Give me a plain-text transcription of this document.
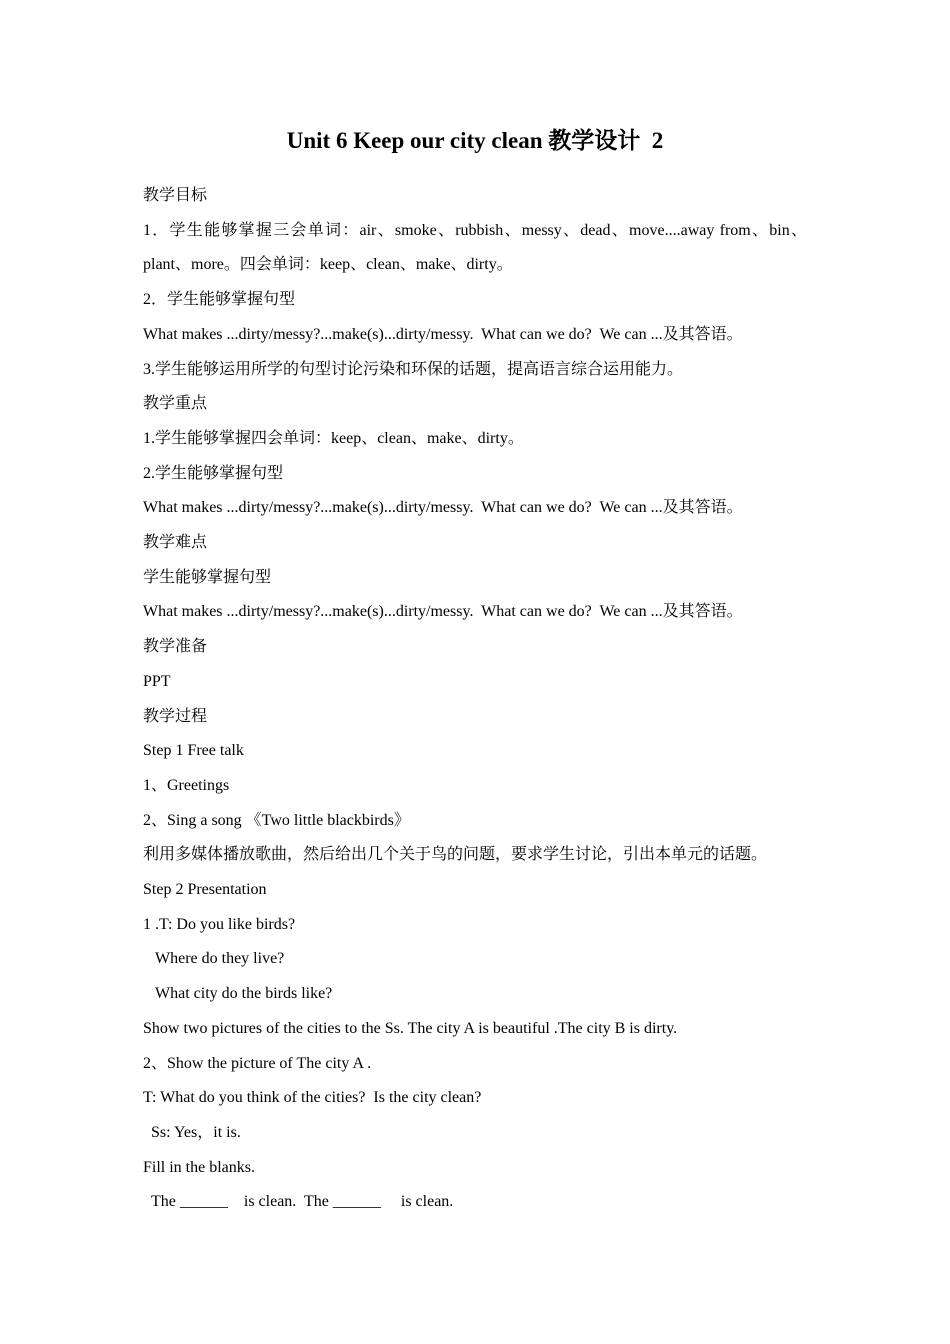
Unit 6 Keep our city clean 教学设计  2

教学目标

1．学生能够掌握三会单词：air、smoke、rubbish、messy、dead、move....away from、bin、plant、more。四会单词：keep、clean、make、dirty。

2．学生能够掌握句型

What makes ...dirty/messy?...make(s)...dirty/messy.  What can we do?  We can ...及其答语。

3.学生能够运用所学的句型讨论污染和环保的话题，提高语言综合运用能力。

教学重点

1.学生能够掌握四会单词：keep、clean、make、dirty。

2.学生能够掌握句型

What makes ...dirty/messy?...make(s)...dirty/messy.  What can we do?  We can ...及其答语。

教学难点

学生能够掌握句型

What makes ...dirty/messy?...make(s)...dirty/messy.  What can we do?  We can ...及其答语。

教学准备

PPT

教学过程

Step 1 Free talk

1、Greetings

2、Sing a song 《Two little blackbirds》

利用多媒体播放歌曲，然后给出几个关于鸟的问题，要求学生讨论，引出本单元的话题。

Step 2 Presentation

1 .T: Do you like birds?

Where do they live?

What city do the birds like?

Show two pictures of the cities to the Ss. The city A is beautiful .The city B is dirty.

2、Show the picture of The city A .

T: What do you think of the cities?  Is the city clean?

Ss: Yes，it is.

Fill in the blanks.

The ______    is clean.  The ______     is clean.
